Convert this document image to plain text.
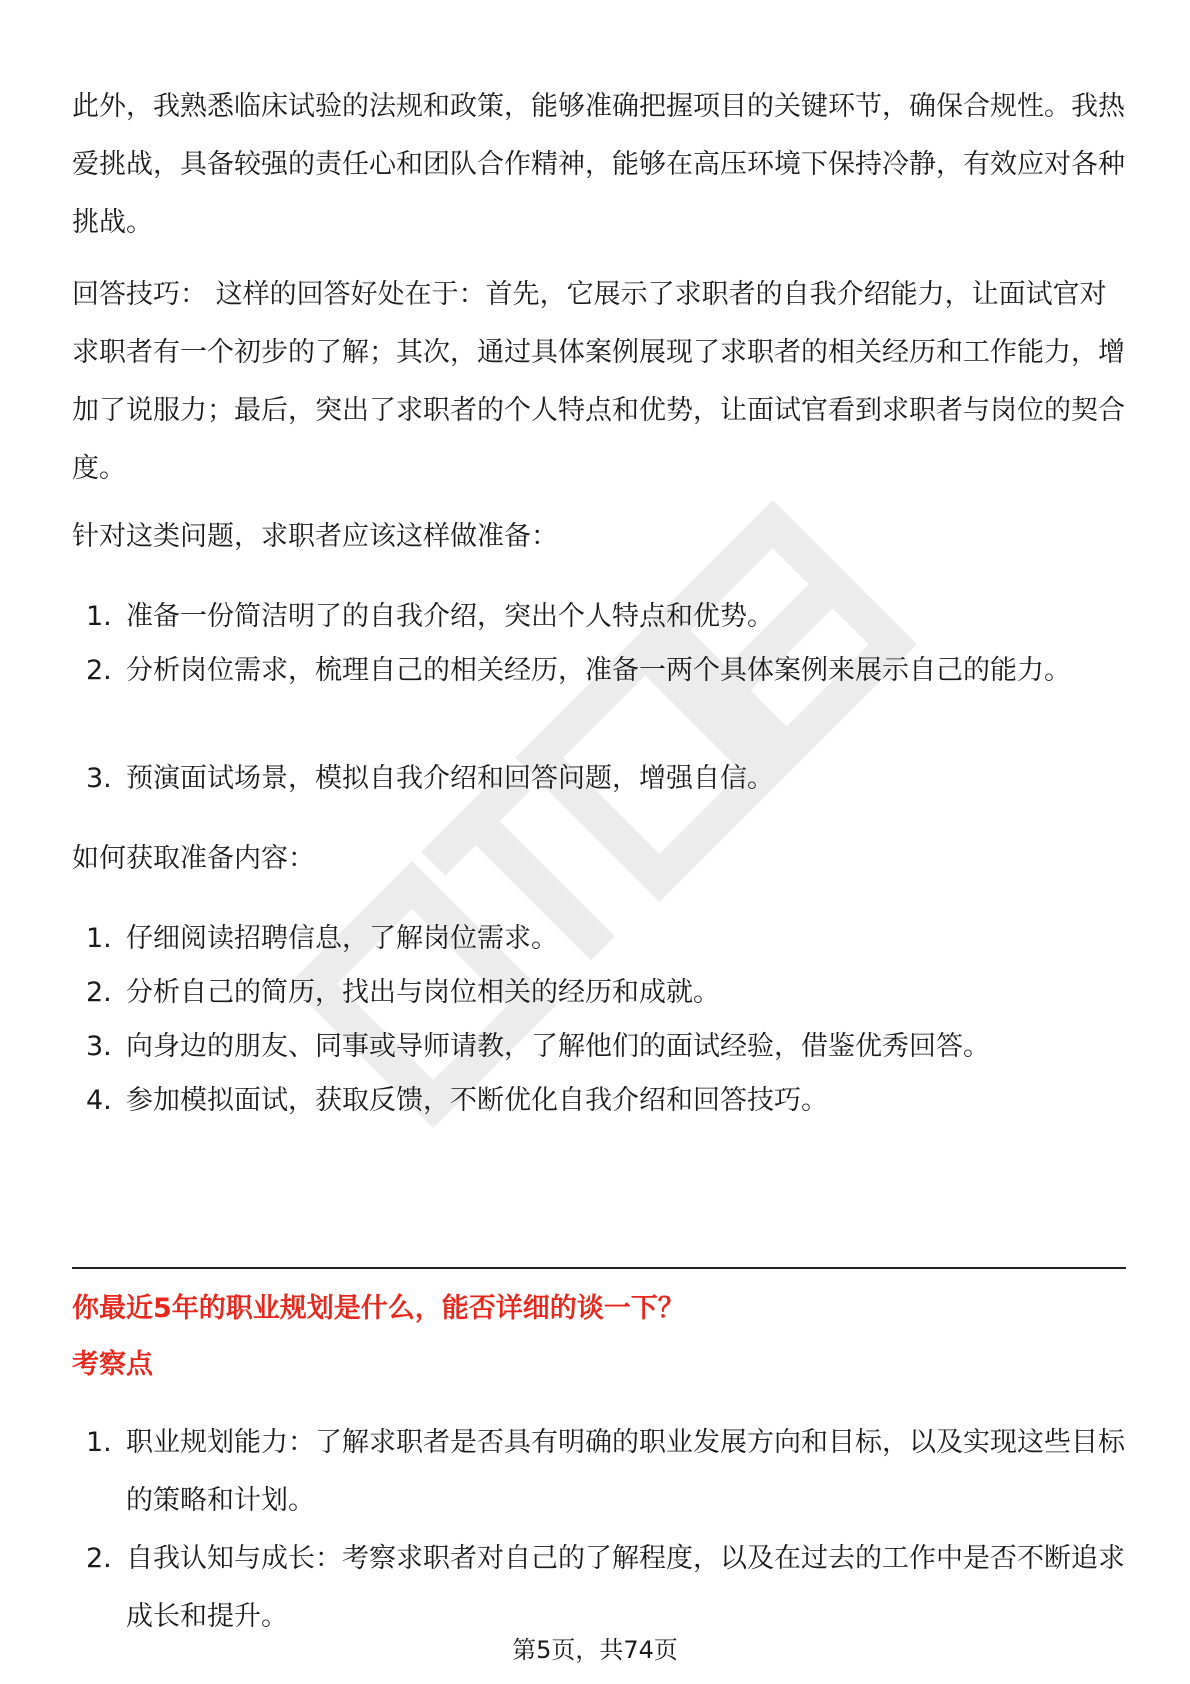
此外，我熟悉临床试验的法规和政策，能够准确把握项目的关键环节，确保合规性。我热爱挑战，具备较强的责任心和团队合作精神，能够在高压环境下保持冷静，有效应对各种挑战。

回答技巧： 这样的回答好处在于：首先，它展示了求职者的自我介绍能力，让面试官对求职者有一个初步的了解；其次，通过具体案例展现了求职者的相关经历和工作能力，增加了说服力；最后，突出了求职者的个人特点和优势，让面试官看到求职者与岗位的契合度。

针对这类问题，求职者应该这样做准备：

1. 准备一份简洁明了的自我介绍，突出个人特点和优势。
2. 分析岗位需求，梳理自己的相关经历，准备一两个具体案例来展示自己的能力。
3. 预演面试场景，模拟自我介绍和回答问题，增强自信。

如何获取准备内容：

1. 仔细阅读招聘信息，了解岗位需求。
2. 分析自己的简历，找出与岗位相关的经历和成就。
3. 向身边的朋友、同事或导师请教，了解他们的面试经验，借鉴优秀回答。
4. 参加模拟面试，获取反馈，不断优化自我介绍和回答技巧。
你最近5年的职业规划是什么，能否详细的谈一下？
考察点
1. 职业规划能力：了解求职者是否具有明确的职业发展方向和目标，以及实现这些目标的策略和计划。
2. 自我认知与成长：考察求职者对自己的了解程度，以及在过去的工作中是否不断追求成长和提升。
第5页，共74页
